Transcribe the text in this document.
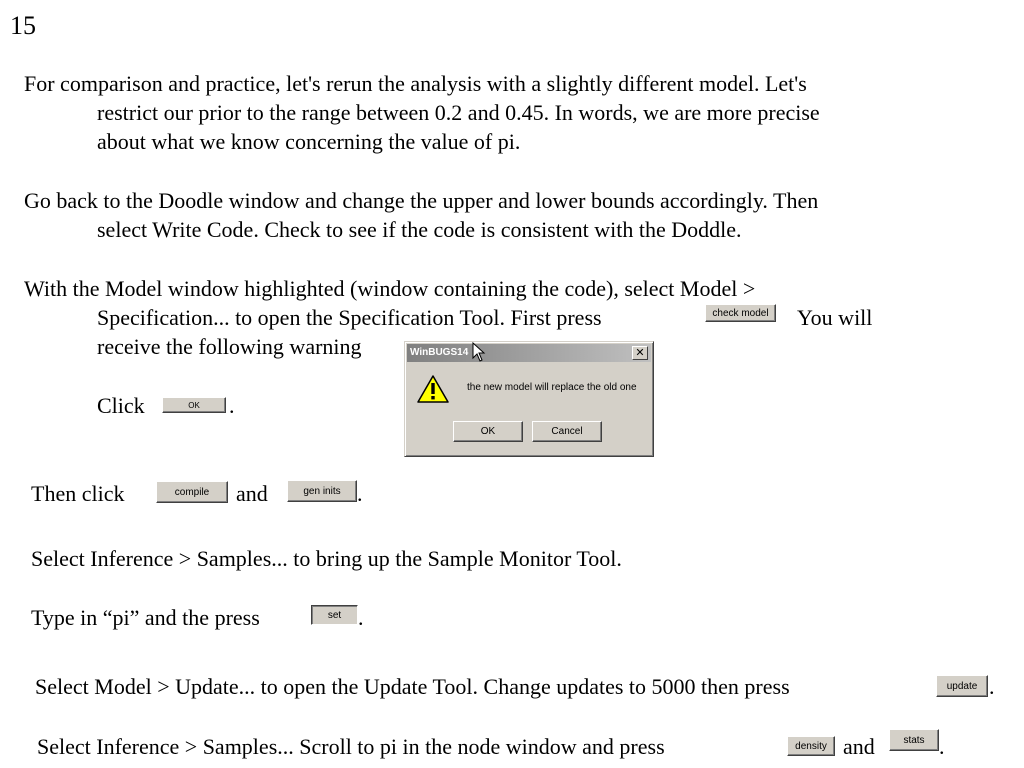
15
For comparison and practice, let's rerun the analysis with a slightly different model. Let's
restrict our prior to the range between 0.2 and 0.45. In words, we are more precise
about what we know concerning the value of pi.
Go back to the Doodle window and change the upper and lower bounds accordingly. Then
select Write Code. Check to see if the code is consistent with the Doddle.
With the Model window highlighted (window containing the code), select Model >
Specification... to open the Specification Tool. First press	check model	You will
receive the following warning
Click	OK	.
WinBUGS14	✕
the new model will replace the old one
OK	Cancel
Then click	compile	and	gen inits .
Select Inference > Samples... to bring up the Sample Monitor Tool.
Type in “pi” and the press	set .
Select Model > Update... to open the Update Tool. Change updates to 5000 then press	update .
Select Inference > Samples... Scroll to pi in the node window and press	density and	stats .
